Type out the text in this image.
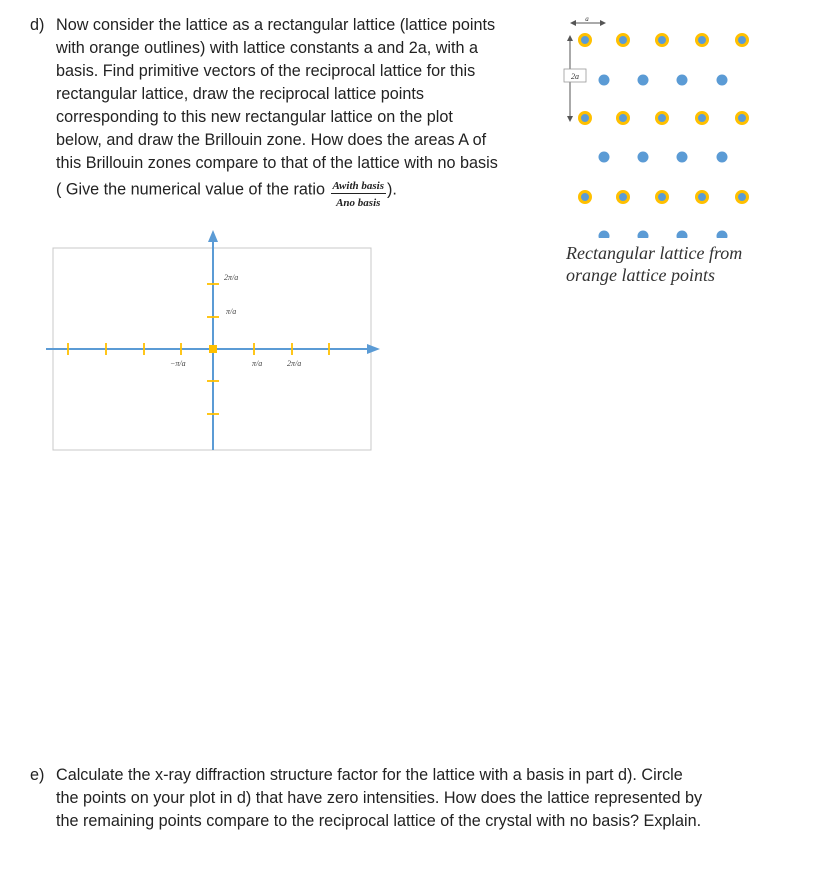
d) Now consider the lattice as a rectangular lattice (lattice points
with orange outlines) with lattice constants a and 2a, with a
basis. Find primitive vectors of the reciprocal lattice for this
rectangular lattice, draw the reciprocal lattice points
corresponding to this new rectangular lattice on the plot
below, and draw the Brillouin zone. How does the areas A of
this Brillouin zones compare to that of the lattice with no basis
( Give the numerical value of the ratio $\frac{\text{Awith basis}}{\text{Ano basis}}$ ).
2π/a
π/a
−π/a	π/a	2π/a
a
2a
Rectangular lattice from
orange lattice points
e) Calculate the x-ray diffraction structure factor for the lattice with a basis in part d). Circle
the points on your plot in d) that have zero intensities. How does the lattice represented by
the remaining points compare to the reciprocal lattice of the crystal with no basis? Explain.
